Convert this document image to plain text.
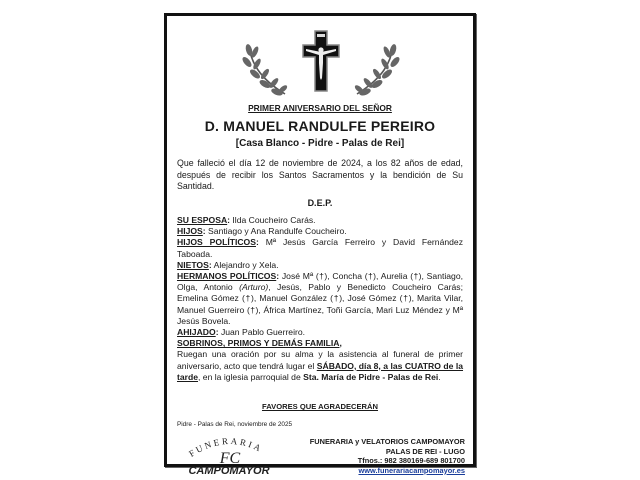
PRIMER ANIVERSARIO DEL SEÑOR
D. MANUEL RANDULFE PEREIRO
[Casa Blanco - Pidre - Palas de Rei]
Que falleció el día 12 de noviembre de 2024, a los 82 años de edad, después de recibir los Santos Sacramentos y la bendición de Su Santidad.
D.E.P.

SU ESPOSA: Ilda Coucheiro Carás.

HIJOS: Santiago y Ana Randulfe Coucheiro.

HIJOS POLÍTICOS: Mª Jesús García Ferreiro y David Fernández Taboada.

NIETOS: Alejandro y Xela.

HERMANOS POLÍTICOS: José Mª (†), Concha (†), Aurelia (†), Santiago, Olga, Antonio (Arturo), Jesús, Pablo y Benedicto Coucheiro Carás; Emelina Gómez (†), Manuel González (†), José Gómez (†), Marita Vilar, Manuel Guerreiro (†), África Martínez, Toñi García, Mari Luz Méndez y Mª Jesús Bovela.

AHIJADO: Juan Pablo Guerreiro.

SOBRINOS, PRIMOS Y DEMÁS FAMILIA,

Ruegan una oración por su alma y la asistencia al funeral de primer aniversario, acto que tendrá lugar el SÁBADO, día 8, a las CUATRO de la tarde, en la iglesia parroquial de Sta. María de Pidre - Palas de Rei.

FAVORES QUE AGRADECERÁN
Pidre - Palas de Rei, noviembre de 2025
FUNERARIA
FC
CAMPOMAYOR
FUNERARIA y VELATORIOS CAMPOMAYOR
PALAS DE REI - LUGO
Tfnos.: 982 380169-689 801700
www.funerariacampomayor.es
